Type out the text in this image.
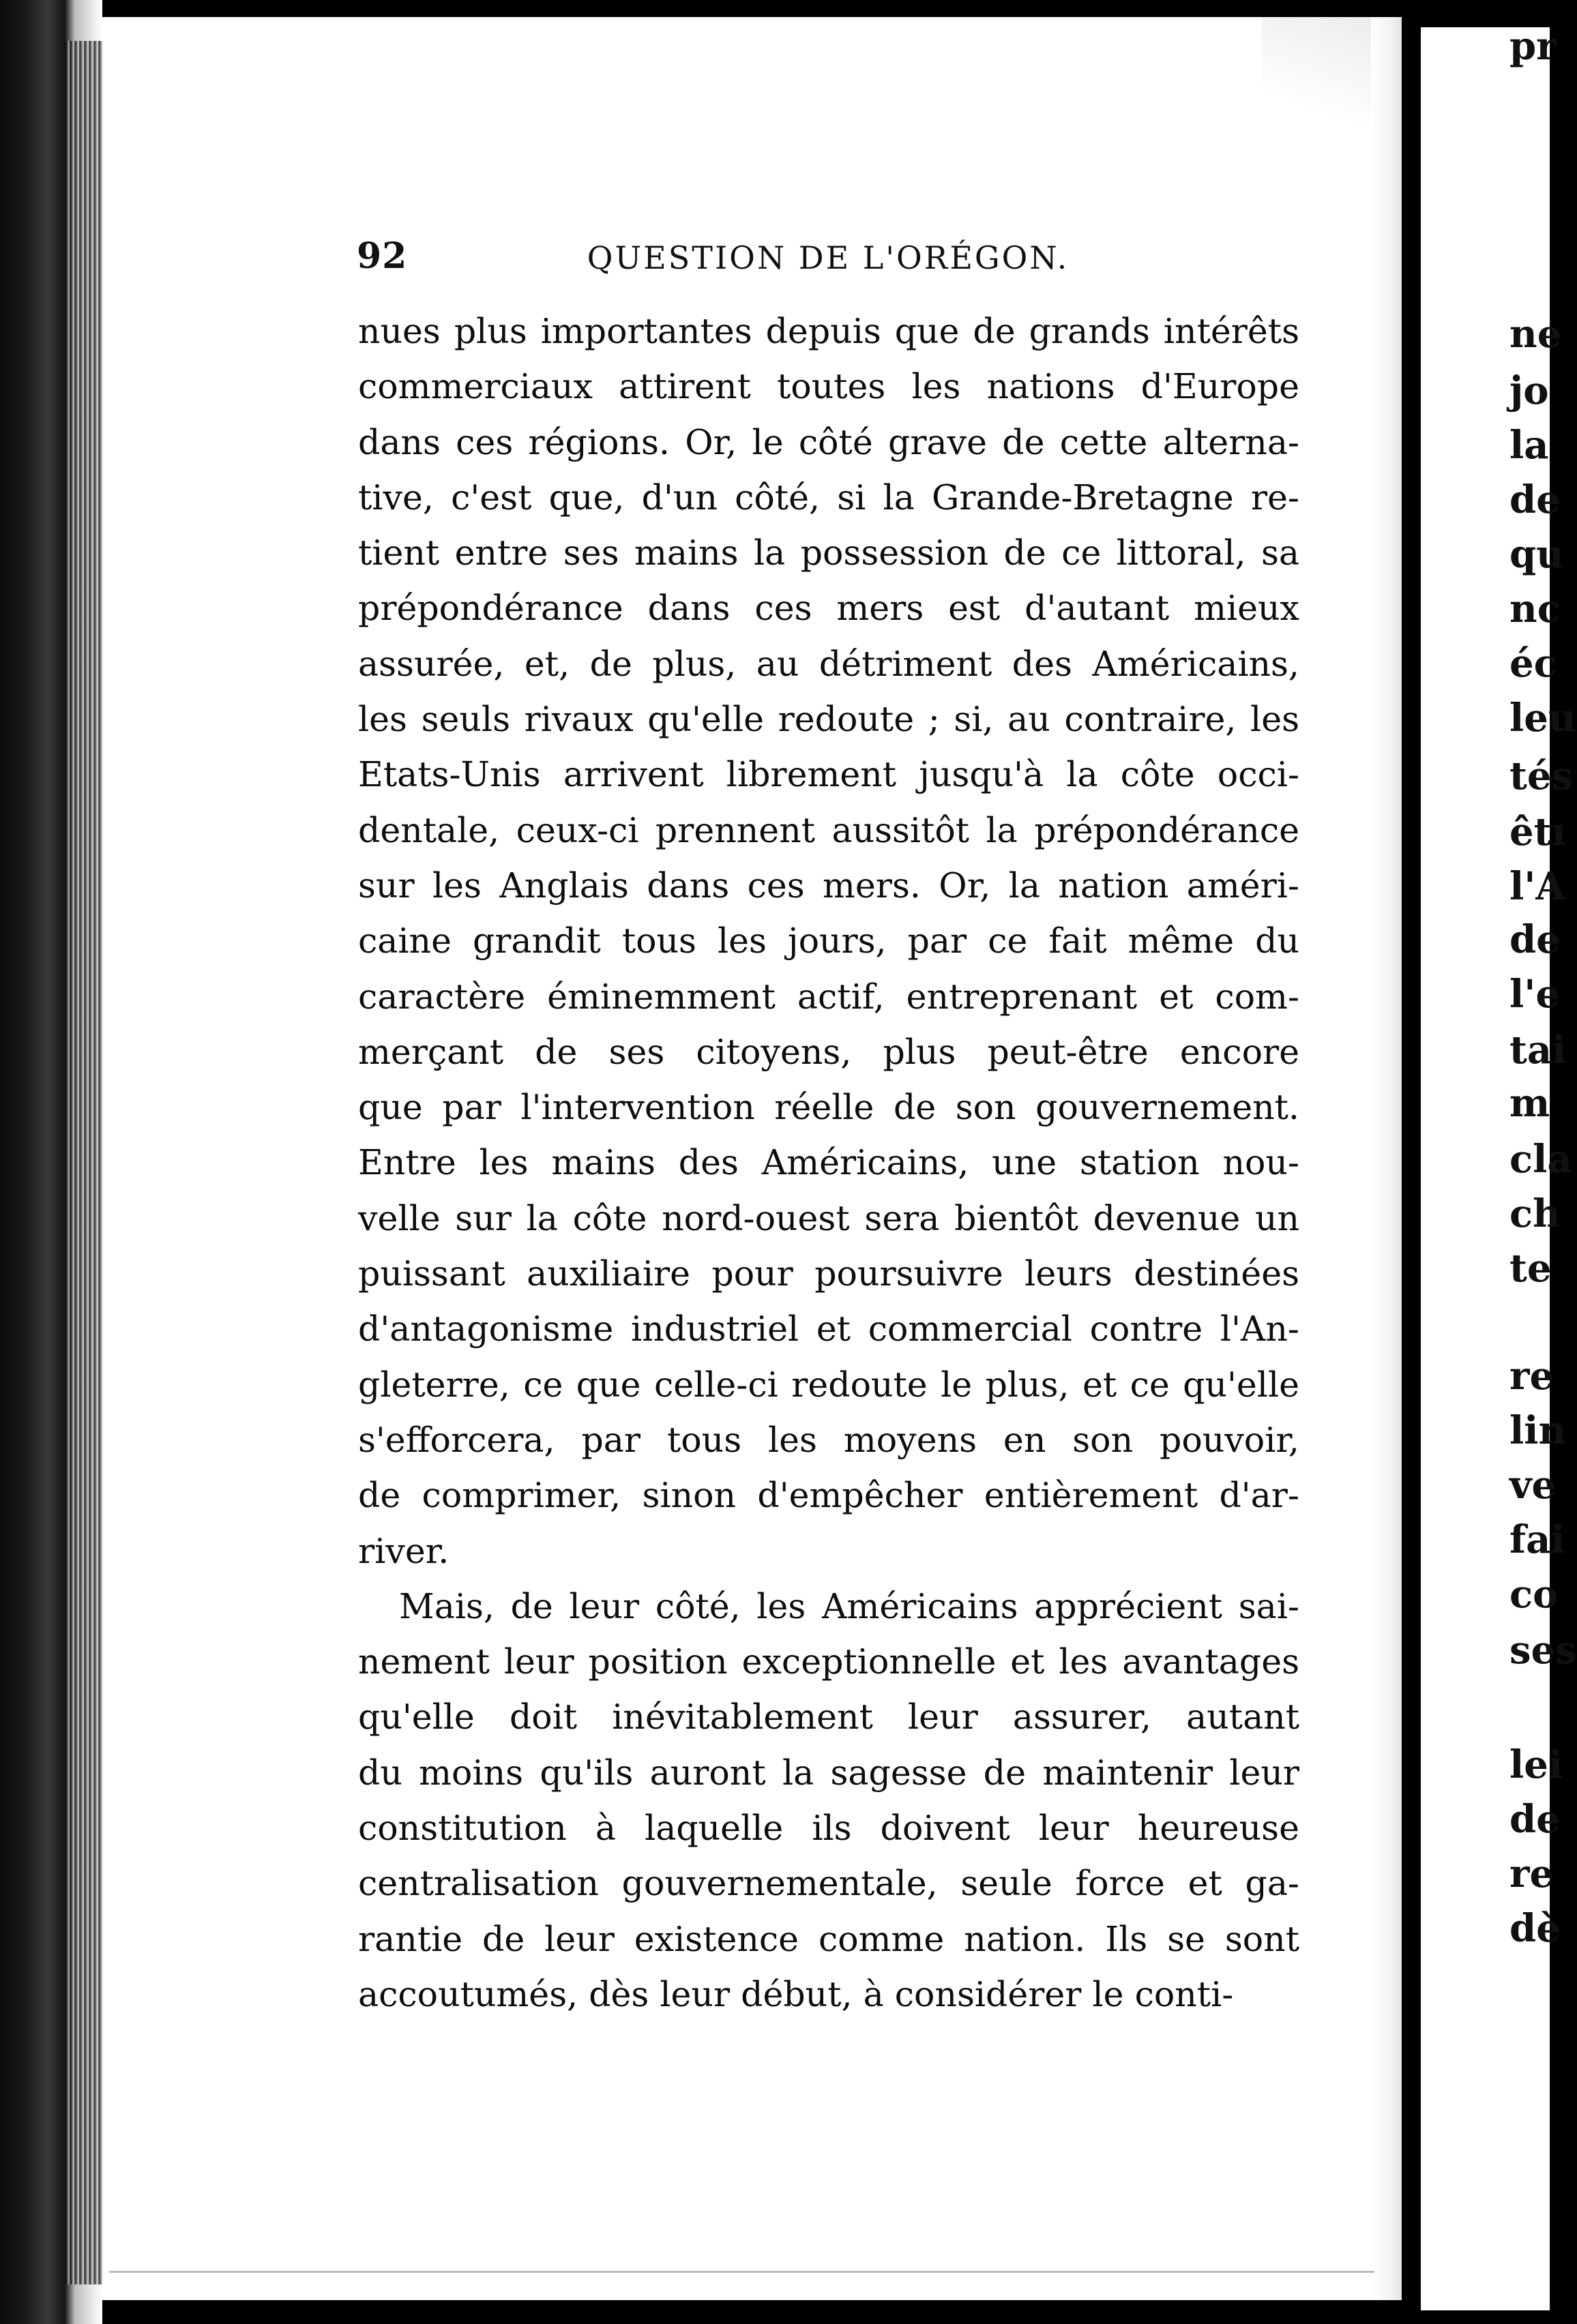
ne
jo
la
de
qu
nc
éc
leu
tés
êtı
l'A
de
l'e
tai
m
cla
ch
te
re
lin
ve
fai
co
ses
lei
de
re
dè
pr
92	QUESTION DE L'ORÉGON.
nues plus importantes depuis que de grands intérêts
commerciaux attirent toutes les nations d'Europe
dans ces régions. Or, le côté grave de cette alterna-
tive, c'est que, d'un côté, si la Grande-Bretagne re-
tient entre ses mains la possession de ce littoral, sa
prépondérance dans ces mers est d'autant mieux
assurée, et, de plus, au détriment des Américains,
les seuls rivaux qu'elle redoute ; si, au contraire, les
Etats-Unis arrivent librement jusqu'à la côte occi-
dentale, ceux-ci prennent aussitôt la prépondérance
sur les Anglais dans ces mers. Or, la nation améri-
caine grandit tous les jours, par ce fait même du
caractère éminemment actif, entreprenant et com-
merçant de ses citoyens, plus peut-être encore
que par l'intervention réelle de son gouvernement.
Entre les mains des Américains, une station nou-
velle sur la côte nord-ouest sera bientôt devenue un
puissant auxiliaire pour poursuivre leurs destinées
d'antagonisme industriel et commercial contre l'An-
gleterre, ce que celle-ci redoute le plus, et ce qu'elle
s'efforcera, par tous les moyens en son pouvoir,
de comprimer, sinon d'empêcher entièrement d'ar-
river.
Mais, de leur côté, les Américains apprécient sai-
nement leur position exceptionnelle et les avantages
qu'elle doit inévitablement leur assurer, autant
du moins qu'ils auront la sagesse de maintenir leur
constitution à laquelle ils doivent leur heureuse
centralisation gouvernementale, seule force et ga-
rantie de leur existence comme nation. Ils se sont
accoutumés, dès leur début, à considérer le conti-
